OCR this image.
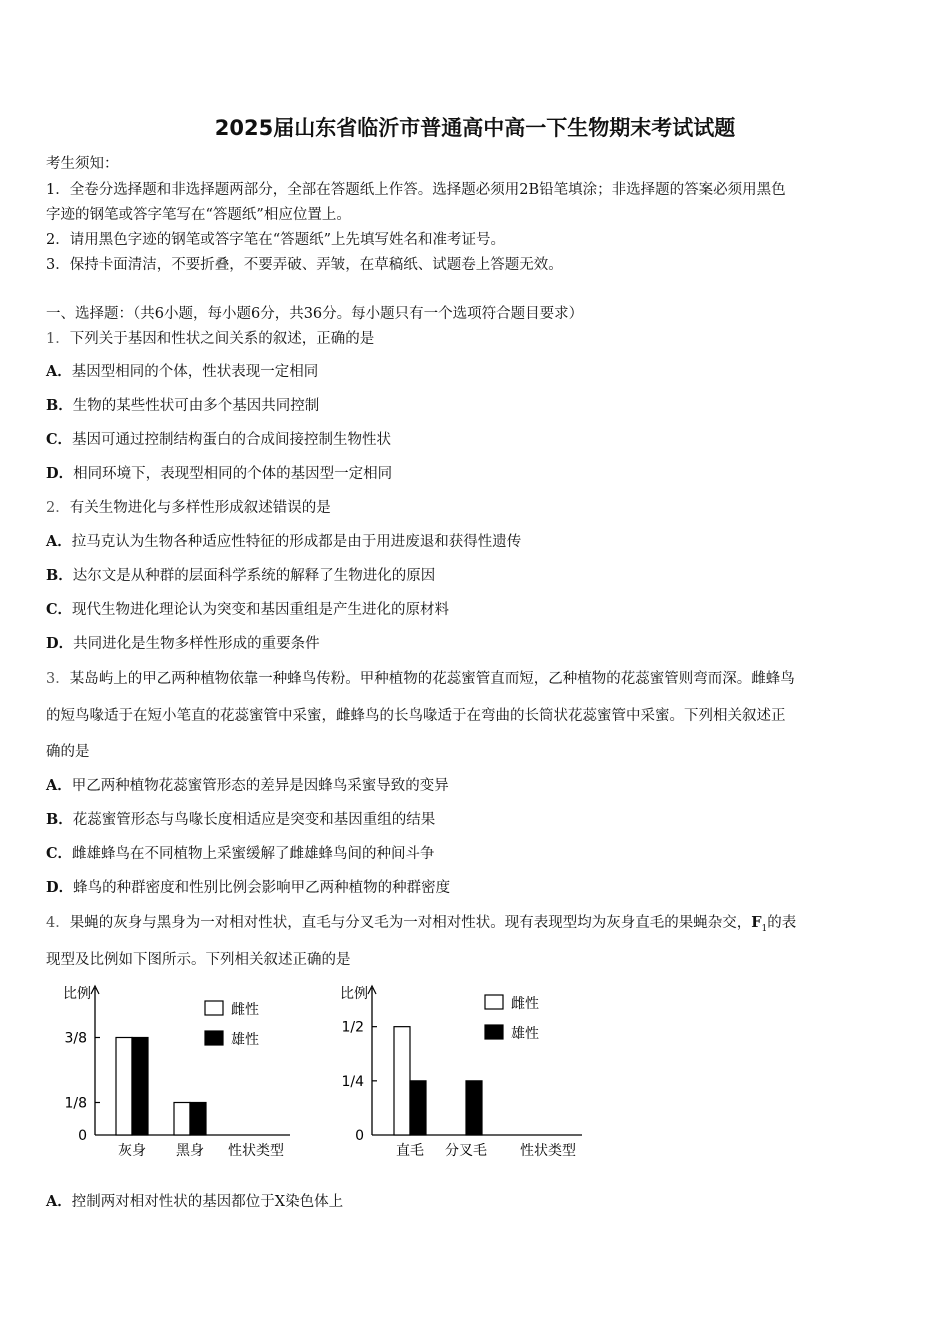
2025届山东省临沂市普通高中高一下生物期末考试试题
考生须知：
1．全卷分选择题和非选择题两部分，全部在答题纸上作答。选择题必须用2B铅笔填涂；非选择题的答案必须用黑色
字迹的钢笔或答字笔写在“答题纸”相应位置上。
2．请用黑色字迹的钢笔或答字笔在“答题纸”上先填写姓名和准考证号。
3．保持卡面清洁，不要折叠，不要弄破、弄皱，在草稿纸、试题卷上答题无效。
一、选择题：（共6小题，每小题6分，共36分。每小题只有一个选项符合题目要求）
1．下列关于基因和性状之间关系的叙述，正确的是
A．基因型相同的个体，性状表现一定相同
B．生物的某些性状可由多个基因共同控制
C．基因可通过控制结构蛋白的合成间接控制生物性状
D．相同环境下，表现型相同的个体的基因型一定相同
2．有关生物进化与多样性形成叙述错误的是
A．拉马克认为生物各种适应性特征的形成都是由于用进废退和获得性遗传
B．达尔文是从种群的层面科学系统的解释了生物进化的原因
C．现代生物进化理论认为突变和基因重组是产生进化的原材料
D．共同进化是生物多样性形成的重要条件
3．某岛屿上的甲乙两种植物依靠一种蜂鸟传粉。甲种植物的花蕊蜜管直而短，乙种植物的花蕊蜜管则弯而深。雌蜂鸟
的短鸟喙适于在短小笔直的花蕊蜜管中采蜜，雌蜂鸟的长鸟喙适于在弯曲的长筒状花蕊蜜管中采蜜。下列相关叙述正
确的是
A．甲乙两种植物花蕊蜜管形态的差异是因蜂鸟采蜜导致的变异
B．花蕊蜜管形态与鸟喙长度相适应是突变和基因重组的结果
C．雌雄蜂鸟在不同植物上采蜜缓解了雌雄蜂鸟间的种间斗争
D．蜂鸟的种群密度和性别比例会影响甲乙两种植物的种群密度
4．果蝇的灰身与黑身为一对相对性状，直毛与分叉毛为一对相对性状。现有表现型均为灰身直毛的果蝇杂交，$F_1$的表
现型及比例如下图所示。下列相关叙述正确的是
比例
性状类型
0
1/8
3/8
灰身 黑身
雌性
雄性
比例
性状类型
0
1/4
1/2
直毛 分叉毛
雌性
雄性
A．控制两对相对性状的基因都位于X染色体上
